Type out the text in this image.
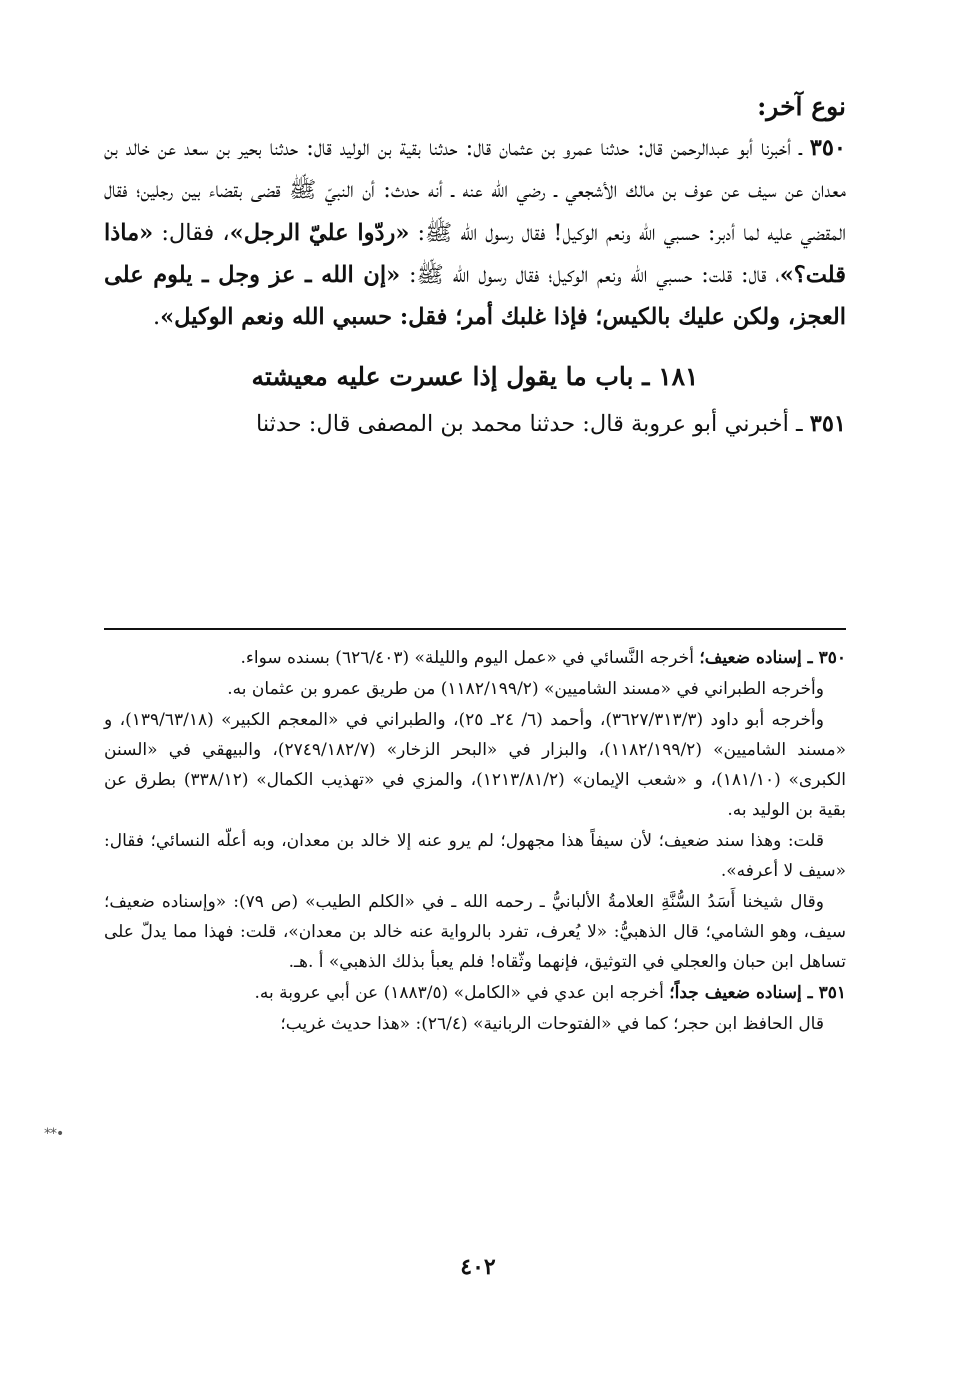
نوع آخر:

٣٥٠ ـ أخبرنا أبو عبدالرحمن قال: حدثنا عمرو بن عثمان قال: حدثنا بقية بن الوليد قال: حدثنا بحير بن سعد عن خالد بن معدان عن سيف عن عوف بن مالك الأشجعي ـ رضي الله عنه ـ أنه حدث: أن النبيّ ﷺ قضى بقضاء بين رجلين؛ فقال المقضي عليه لما أدبر: حسبي الله ونعم الوكيل! فقال رسول الله ﷺ: «ردّوا عليّ الرجل»، فقال: «ماذا قلت؟»، قال: قلت: حسبي الله ونعم الوكيل؛ فقال رسول الله ﷺ: «إن الله ـ عز وجل ـ يلوم على العجز، ولكن عليك بالكيس؛ فإذا غلبك أمر؛ فقل: حسبي الله ونعم الوكيل».

١٨١ ـ باب ما يقول إذا عسرت عليه معيشته

٣٥١ ـ أخبرني أبو عروبة قال: حدثنا محمد بن المصفى قال: حدثنا

٣٥٠ ـ إسناده ضعيف؛ أخرجه النَّسائي في «عمل اليوم والليلة» (٦٢٦/٤٠٣) بسنده سواء.

وأخرجه الطبراني في «مسند الشاميين» (١١٨٢/١٩٩/٢) من طريق عمرو بن عثمان به.

وأخرجه أبو داود (٣٦٢٧/٣١٣/٣)، وأحمد (٦/ ٢٤ـ ٢٥)، والطبراني في «المعجم الكبير» (١٣٩/٦٣/١٨)، و «مسند الشاميين» (١١٨٢/١٩٩/٢)، والبزار في «البحر الزخار» (٢٧٤٩/١٨٢/٧)، والبيهقي في «السنن الكبرى» (١٨١/١٠)، و «شعب الإيمان» (١٢١٣/٨١/٢)، والمزي في «تهذيب الكمال» (٣٣٨/١٢) بطرق عن بقية بن الوليد به.

قلت: وهذا سند ضعيف؛ لأن سيفاً هذا مجهول؛ لم يرو عنه إلا خالد بن معدان، وبه أعلّه النسائي؛ فقال: «سيف لا أعرفه».

وقال شيخنا أَسَدُ السُّنَّةِ العلامةُ الألبانيُّ ـ رحمه الله ـ في «الكلم الطيب» (ص ٧٩): «وإسناده ضعيف؛ سيف، وهو الشامي؛ قال الذهبيُّ: «لا يُعرف، تفرد بالرواية عنه خالد بن معدان»، قلت: فهذا مما يدلّ على تساهل ابن حبان والعجلي في التوثيق، فإنهما وثّقاه! فلم يعبأ بذلك الذهبي» أ .هـ.

٣٥١ ـ إسناده ضعيف جداً؛ أخرجه ابن عدي في «الكامل» (١٨٨٣/٥) عن أبي عروبة به.

قال الحافظ ابن حجر؛ كما في «الفتوحات الربانية» (٢٦/٤): «هذا حديث غريب؛

•**
٤٠٢
